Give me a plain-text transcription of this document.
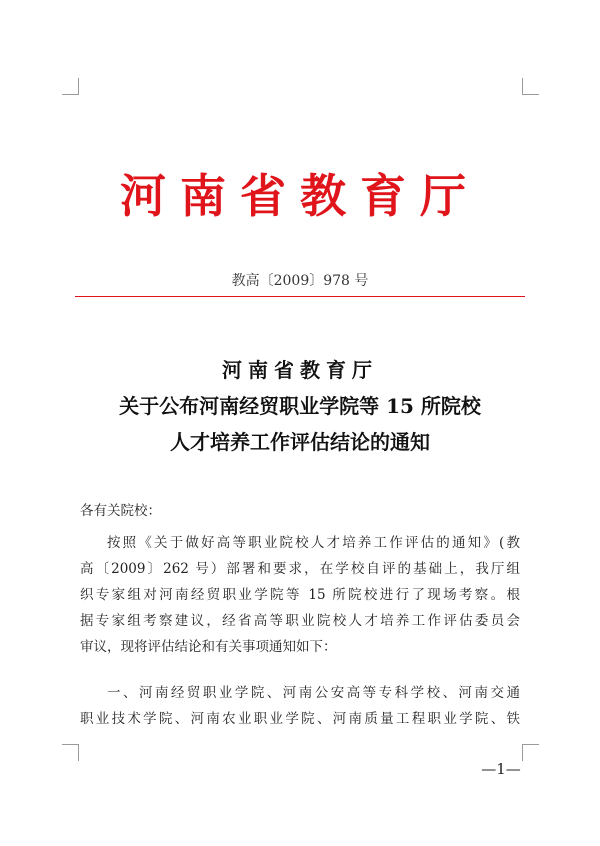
河南省教育厅
教高〔2009〕978 号
河南省教育厅
关于公布河南经贸职业学院等 15 所院校
人才培养工作评估结论的通知
各有关院校：
按照《关于做好高等职业院校人才培养工作评估的通知》(教
高〔2009〕262 号）部署和要求，在学校自评的基础上，我厅组
织专家组对河南经贸职业学院等 15 所院校进行了现场考察。根
据专家组考察建议，经省高等职业院校人才培养工作评估委员会
审议，现将评估结论和有关事项通知如下：
一、河南经贸职业学院、河南公安高等专科学校、河南交通
职业技术学院、河南农业职业学院、河南质量工程职业学院、铁
—1—
